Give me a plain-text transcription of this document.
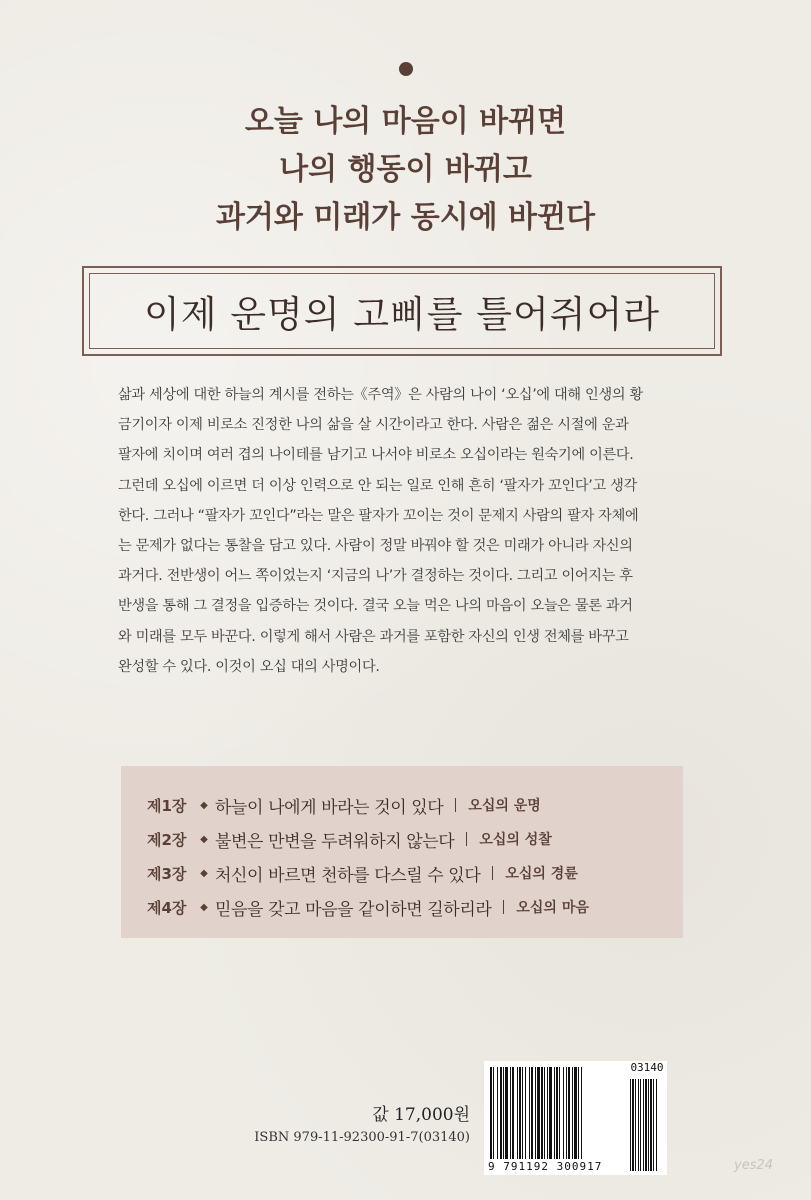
오늘 나의 마음이 바뀌면
나의 행동이 바뀌고
과거와 미래가 동시에 바뀐다
이제 운명의 고삐를 틀어쥐어라

삶과 세상에 대한 하늘의 계시를 전하는《주역》은 사람의 나이 ‘오십’에 대해 인생의 황

금기이자 이제 비로소 진정한 나의 삶을 살 시간이라고 한다. 사람은 젊은 시절에 운과

팔자에 치이며 여러 겹의 나이테를 남기고 나서야 비로소 오십이라는 원숙기에 이른다.

그런데 오십에 이르면 더 이상 인력으로 안 되는 일로 인해 흔히 ‘팔자가 꼬인다’고 생각

한다. 그러나 “팔자가 꼬인다”라는 말은 팔자가 꼬이는 것이 문제지 사람의 팔자 자체에

는 문제가 없다는 통찰을 담고 있다. 사람이 정말 바꿔야 할 것은 미래가 아니라 자신의

과거다. 전반생이 어느 쪽이었는지 ‘지금의 나’가 결정하는 것이다. 그리고 이어지는 후

반생을 통해 그 결정을 입증하는 것이다. 결국 오늘 먹은 나의 마음이 오늘은 물론 과거

와 미래를 모두 바꾼다. 이렇게 해서 사람은 과거를 포함한 자신의 인생 전체를 바꾸고

완성할 수 있다. 이것이 오십 대의 사명이다.

제1장	◆ 하늘이 나에게 바라는 것이 있다 오십의 운명
제2장	◆ 불변은 만변을 두려워하지 않는다 오십의 성찰
제3장	◆ 처신이 바르면 천하를 다스릴 수 있다 오십의 경륜
제4장	◆ 믿음을 갖고 마음을 같이하면 길하리라 오십의 마음
값 17,000원
ISBN 979-11-92300-91-7(03140)
03140
9 791192 300917	yes24
